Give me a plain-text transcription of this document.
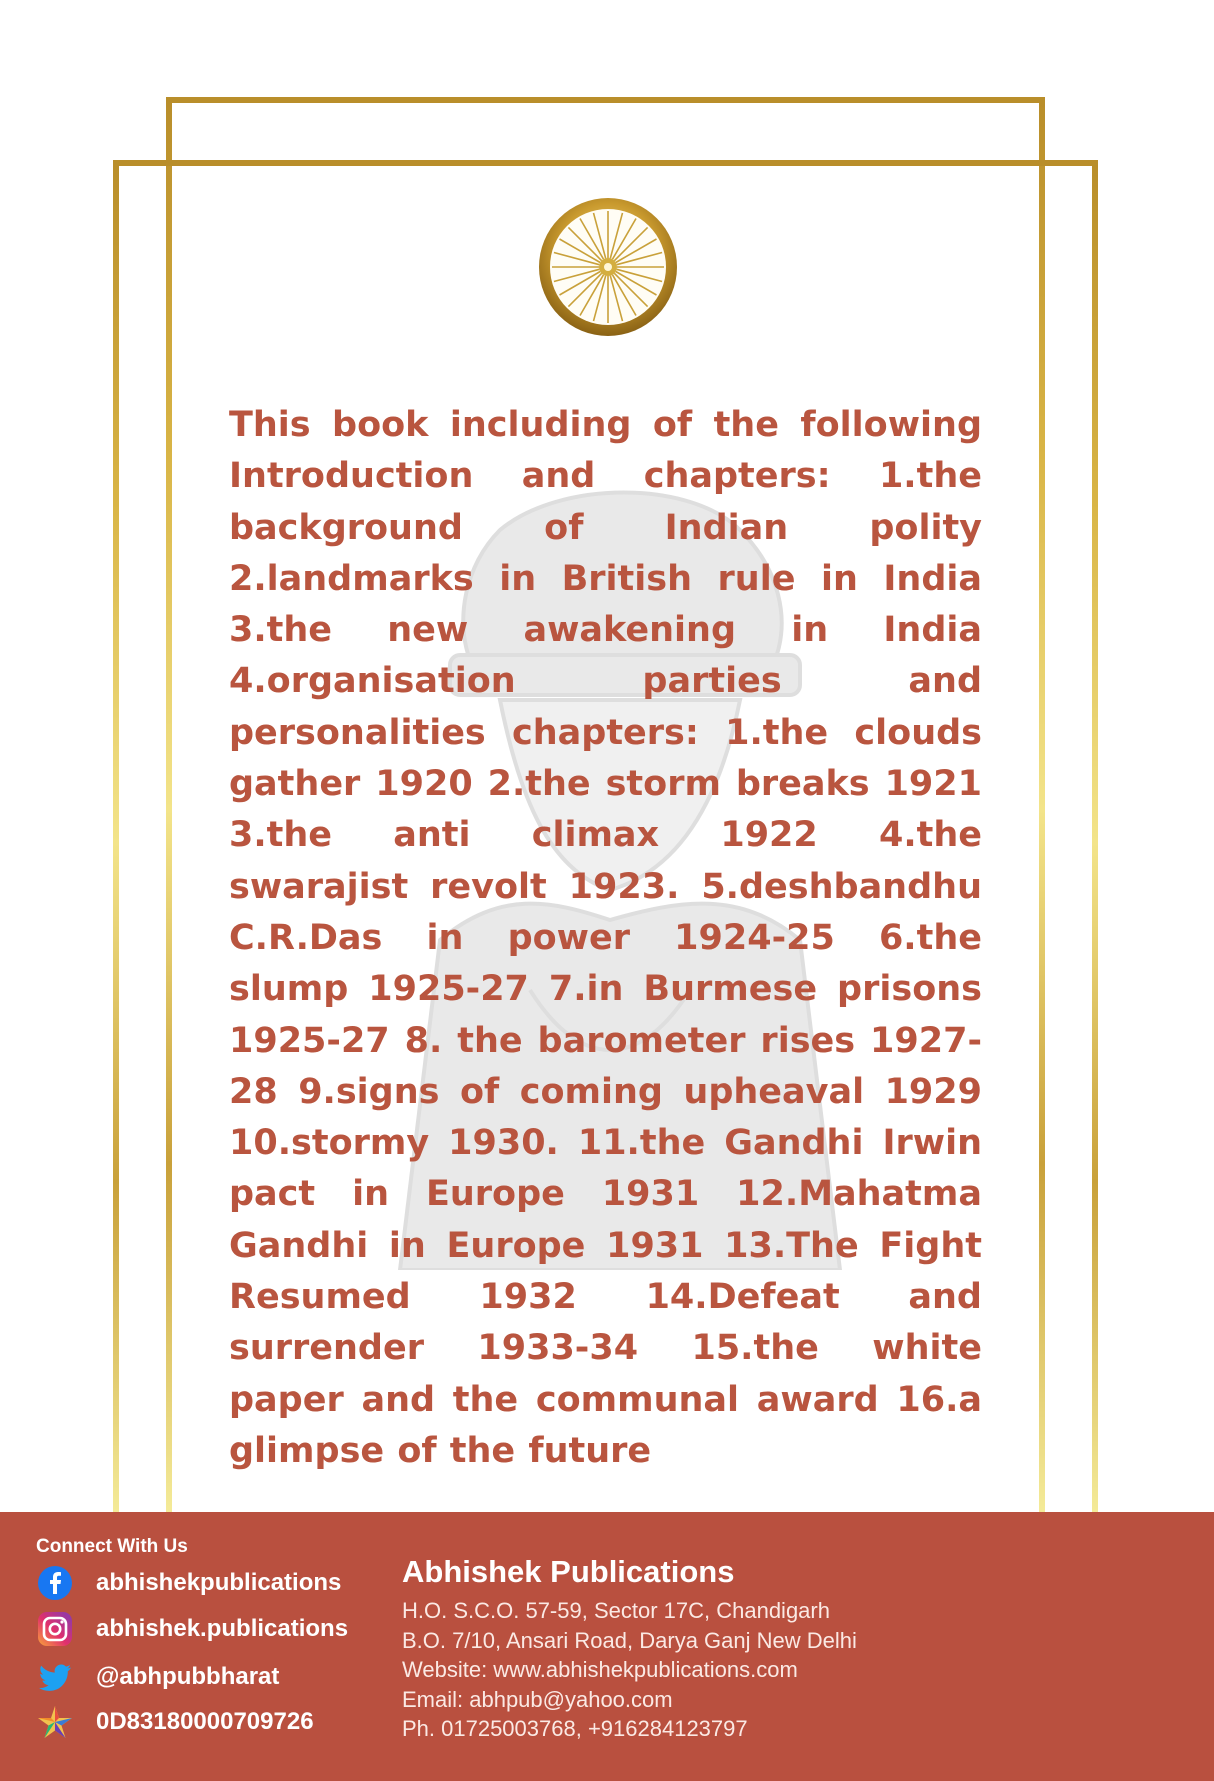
This book including of the following Introduction and chapters: 1.the background of Indian polity 2.landmarks in British rule in India 3.the new awakening in India 4.organisation parties and personalities chapters: 1.the clouds gather 1920 2.the storm breaks 1921 3.the anti climax 1922 4.the swarajist revolt 1923. 5.deshbandhu C.R.Das in power 1924-25 6.the slump 1925-27 7.in Burmese prisons 1925-27 8. the barometer rises 1927-28 9.signs of coming upheaval 1929 10.stormy 1930. 11.the Gandhi Irwin pact in Europe 1931 12.Mahatma Gandhi in Europe 1931 13.The Fight Resumed 1932 14.Defeat and surrender 1933-34 15.the white paper and the communal award 16.a glimpse of the future

Connect With Us
abhishekpublications
abhishek.publications
@abhpubbharat
0D83180000709726
Abhishek Publications
H.O. S.C.O. 57-59, Sector 17C, Chandigarh
B.O. 7/10, Ansari Road, Darya Ganj New Delhi
Website: www.abhishekpublications.com
Email: abhpub@yahoo.com
Ph. 01725003768, +916284123797
